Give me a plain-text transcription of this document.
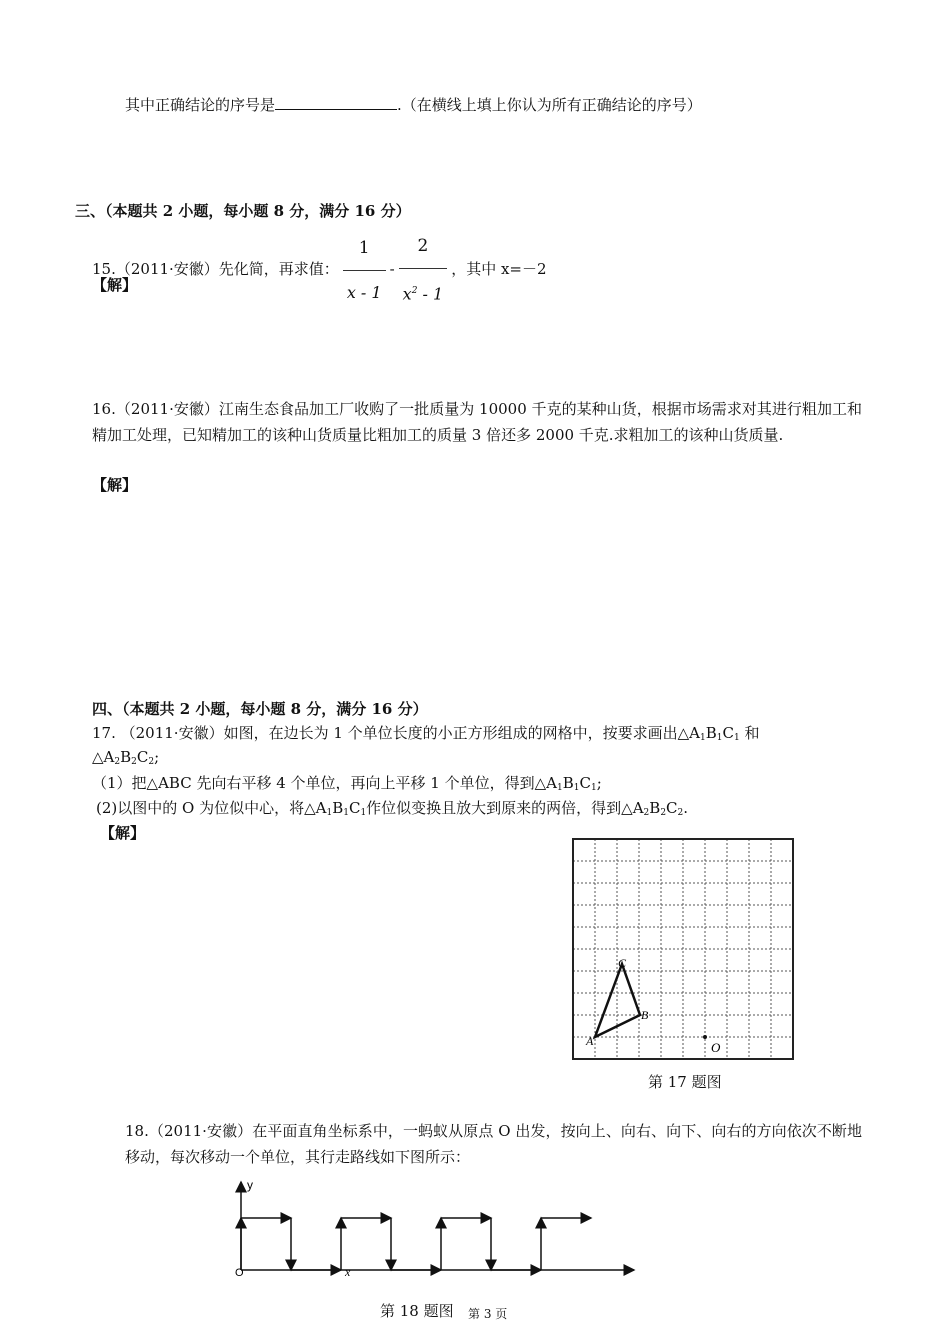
其中正确结论的序号是	.（在横线上填上你认为所有正确结论的序号）
三、（本题共 2 小题，每小题 8 分，满分 16 分）
15.（2011·安徽）先化简，再求值： $\frac{1}{x - 1} - \frac{2}{x^2 - 1}$ ，其中 x=－2
【解】
16.（2011·安徽）江南生态食品加工厂收购了一批质量为 10000 千克的某种山货，根据市场需求对其进行粗加工和精加工处理，已知精加工的该种山货质量比粗加工的质量 3 倍还多 2000 千克.求粗加工的该种山货质量.
【解】
四、（本题共 2 小题，每小题 8 分，满分 16 分）
17. （2011·安徽）如图，在边长为 1 个单位长度的小正方形组成的网格中，按要求画出$\triangle A_1B_1C_1$ 和
$\triangle A_2B_2C_2$;
（1）把△ABC 先向右平移 4 个单位，再向上平移 1 个单位，得到$\triangle A_1B_1C_1$;
(2)以图中的 O 为位似中心，将$\triangle A_1B_1C_1$作位似变换且放大到原来的两倍，得到$\triangle A_2B_2C_2$.
【解】
C
B
A	O
第 17 题图
18.（2011·安徽）在平面直角坐标系中，一蚂蚁从原点 O 出发，按向上、向右、向下、向右的方向依次不断地移动，每次移动一个单位，其行走路线如下图所示：
y
O	x
第 18 题图 第 3 页
